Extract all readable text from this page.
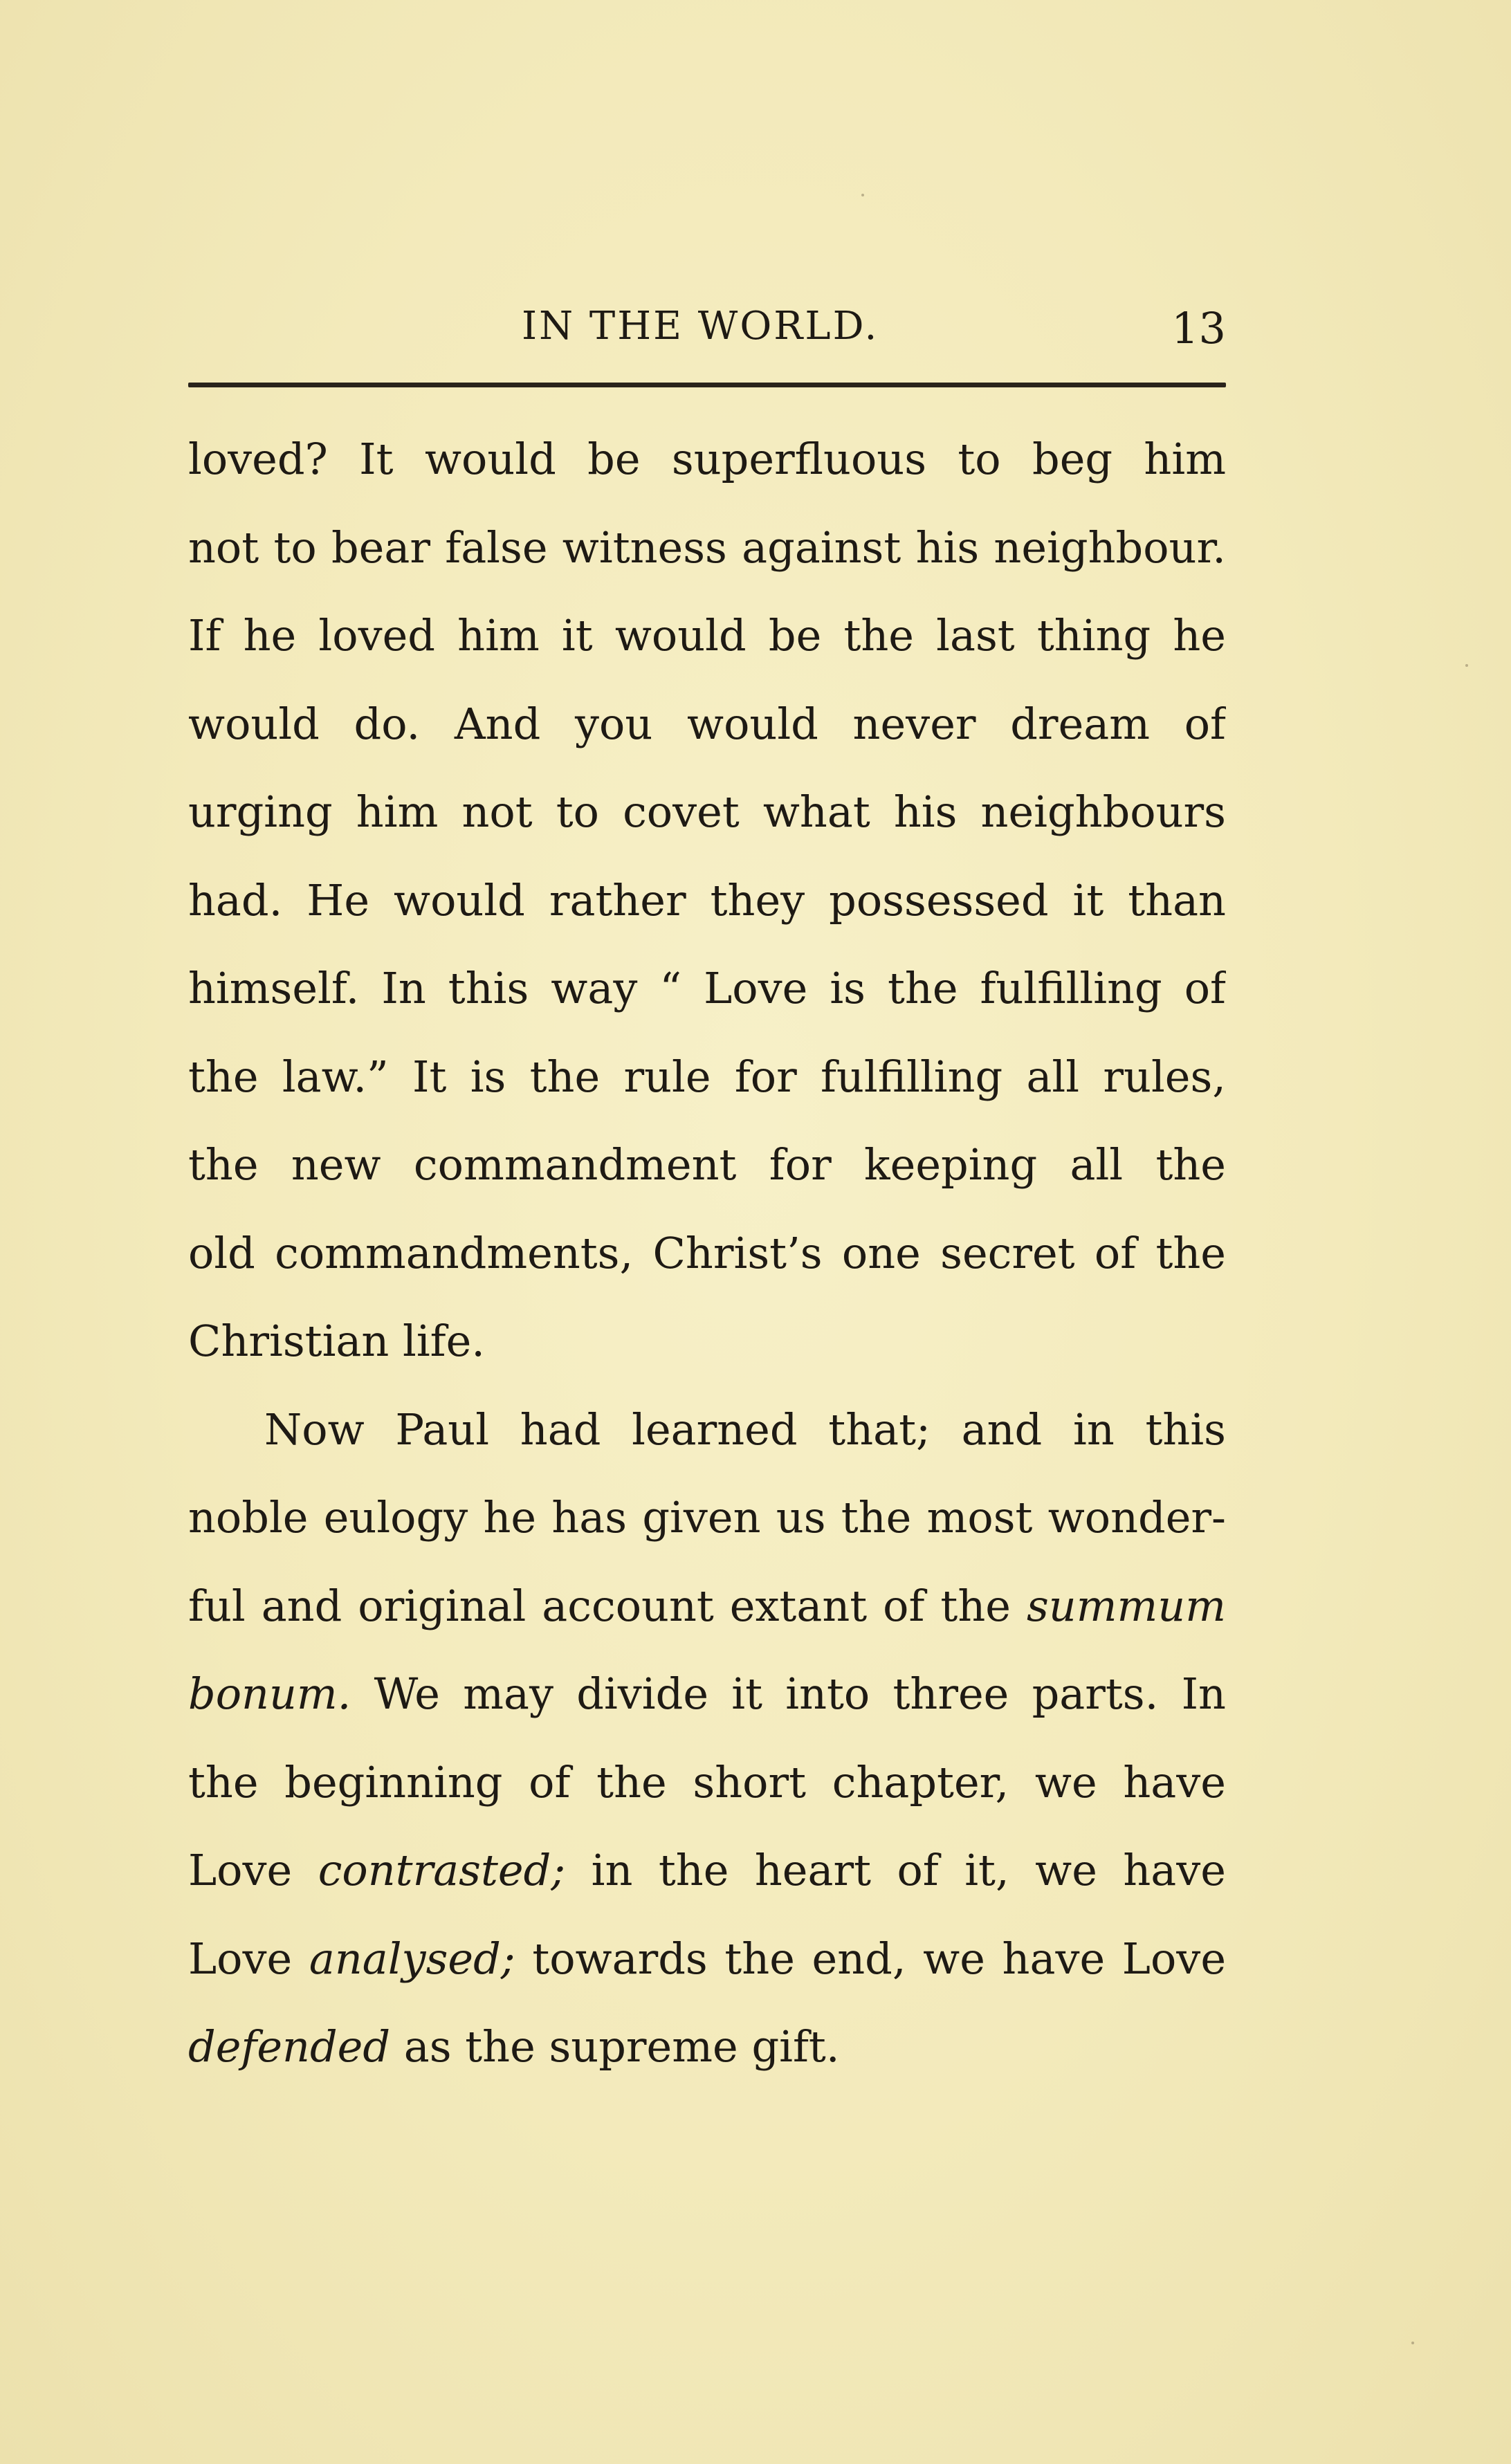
IN THE WORLD.	13
loved? It would be superfluous to beg him
not to bear false witness against his neighbour.
If he loved him it would be the last thing he
would do. And you would never dream of
urging him not to covet what his neighbours
had. He would rather they possessed it than
himself. In this way “ Love is the fulfilling of
the law.” It is the rule for fulfilling all rules,
the new commandment for keeping all the
old commandments, Christ’s one secret of the
Christian life.
Now Paul had learned that; and in this
noble eulogy he has given us the most wonder-
ful and original account extant of the summum
bonum. We may divide it into three parts. In
the beginning of the short chapter, we have
Love contrasted; in the heart of it, we have
Love analysed; towards the end, we have Love
defended as the supreme gift.
